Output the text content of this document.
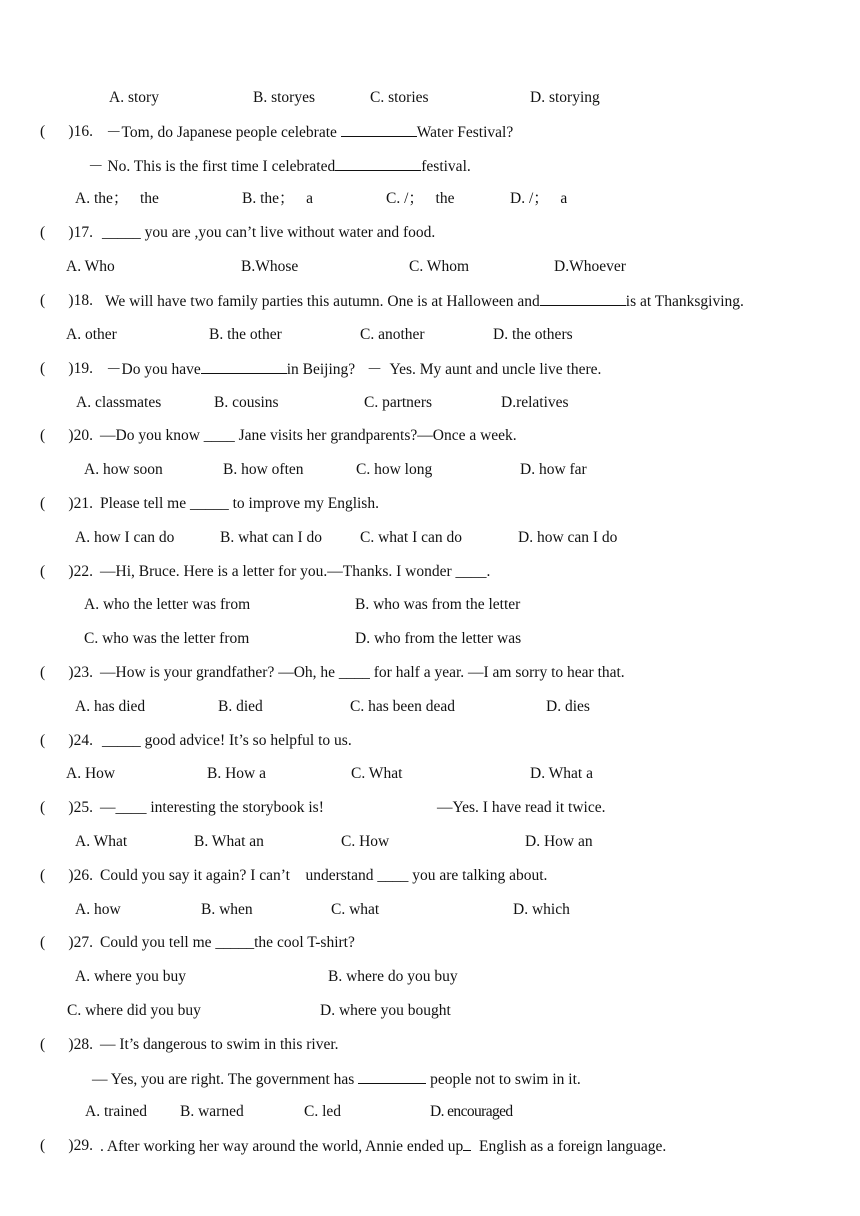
A. story	B. storyes	C. stories	D. storying
(      )16. －Tom, do Japanese people celebrate	Water Festival?
－ No. This is the first time I celebrated	festival.
A. the；   the	B. the；   a	C. /；   the	D. /；   a
(      )17. _____ you are ,you can’t live without water and food.
A. Who	B.Whose	C. Whom	D.Whoever
(      )18. We will have two family parties this autumn. One is at Halloween and	is at Thanksgiving.
A. other	B. the other	C. another	D. the others
(      )19. －Do you have	in Beijing?   －  Yes. My aunt and uncle live there.
A. classmates	B. cousins	C. partners	D.relatives
(      )20. —Do you know ____ Jane visits her grandparents?—Once a week.
A. how soon	B. how often	C. how long	D. how far
(      )21. Please tell me _____ to improve my English.
A. how I can do	B. what can I do C. what I can do	D. how can I do
(      )22. —Hi, Bruce. Here is a letter for you.—Thanks. I wonder ____.
A. who the letter was from	B. who was from the letter
C. who was the letter from	D. who from the letter was
(      )23. —How is your grandfather? —Oh, he ____ for half a year. —I am sorry to hear that.
A. has died	B. died	C. has been dead	D. dies
(      )24. _____ good advice! It’s so helpful to us.
A. How	B. How a	C. What	D. What a
(      )25. —____ interesting the storybook is!	—Yes. I have read it twice.
A. What	B. What an	C. How	D. How an
(      )26. Could you say it again? I can’t    understand ____ you are talking about.
A. how	B. when	C. what	D. which
(      )27. Could you tell me _____the cool T-shirt?
A. where you buy	B. where do you buy
C. where did you buy	D. where you bought
(      )28. — It’s dangerous to swim in this river.
— Yes, you are right. The government has	people not to swim in it.
A. trained B. warned	C. led	D. encouraged
(      )29. . After working her way around the world, Annie ended up English as a foreign language.
